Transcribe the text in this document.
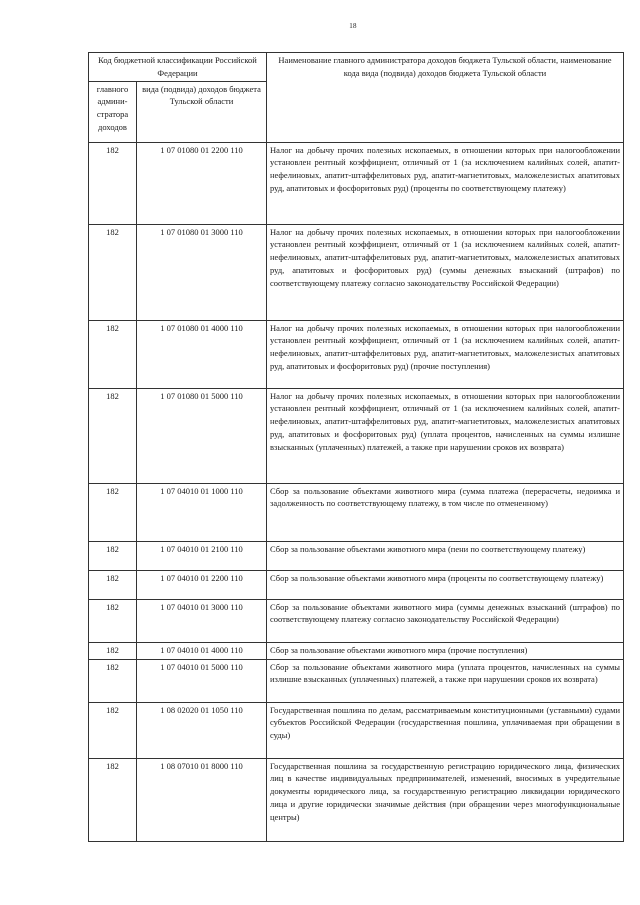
18
Код бюджетной классификации Российской Федерации		Наименование главного администратора доходов бюджета Тульской области, наименование кода вида (подвида) доходов бюджета Тульской области
главного админи-стратора доходов	вида (подвида) доходов бюджета Тульской области	
182	1 07 01080 01 2200 110	Налог на добычу прочих полезных ископаемых, в отношении которых при налогообложении установлен рентный коэффициент, отличный от 1 (за исключением калийных солей, апатит-нефелиновых, апатит-штаффелитовых руд, апатит-магнетитовых, маложелезистых апатитовых руд, апатитовых и фосфоритовых руд) (проценты по соответствующему платежу)
182	1 07 01080 01 3000 110	Налог на добычу прочих полезных ископаемых, в отношении которых при налогообложении установлен рентный коэффициент, отличный от 1 (за исключением калийных солей, апатит-нефелиновых, апатит-штаффелитовых руд, апатит-магнетитовых, маложелезистых апатитовых руд, апатитовых и фосфоритовых руд) (суммы денежных взысканий (штрафов) по соответствующему платежу согласно законодательству Российской Федерации)
182	1 07 01080 01 4000 110	Налог на добычу прочих полезных ископаемых, в отношении которых при налогообложении установлен рентный коэффициент, отличный от 1 (за исключением калийных солей, апатит-нефелиновых, апатит-штаффелитовых руд, апатит-магнетитовых, маложелезистых апатитовых руд, апатитовых и фосфоритовых руд) (прочие поступления)
182	1 07 01080 01 5000 110	Налог на добычу прочих полезных ископаемых, в отношении которых при налогообложении установлен рентный коэффициент, отличный от 1 (за исключением калийных солей, апатит-нефелиновых, апатит-штаффелитовых руд, апатит-магнетитовых, маложелезистых апатитовых руд, апатитовых и фосфоритовых руд) (уплата процентов, начисленных на суммы излишне взысканных (уплаченных) платежей, а также при нарушении сроков их возврата)
182	1 07 04010 01 1000 110	Сбор за пользование объектами животного мира (сумма платежа (перерасчеты, недоимка и задолженность по соответствующему платежу, в том числе по отмененному)
182	1 07 04010 01 2100 110	Сбор за пользование объектами животного мира (пени по соответствующему платежу)
182	1 07 04010 01 2200 110	Сбор за пользование объектами животного мира (проценты по соответствующему платежу)
182	1 07 04010 01 3000 110	Сбор за пользование объектами животного мира (суммы денежных взысканий (штрафов) по соответствующему платежу согласно законодательству Российской Федерации)
182	1 07 04010 01 4000 110	Сбор за пользование объектами животного мира (прочие поступления)
182	1 07 04010 01 5000 110	Сбор за пользование объектами животного мира (уплата процентов, начисленных на суммы излишне взысканных (уплаченных) платежей, а также при нарушении сроков их возврата)
182	1 08 02020 01 1050 110	Государственная пошлина по делам, рассматриваемым конституционными (уставными) судами субъектов Российской Федерации (государственная пошлина, уплачиваемая при обращении в суды)
182	1 08 07010 01 8000 110	Государственная пошлина за государственную регистрацию юридического лица, физических лиц в качестве индивидуальных предпринимателей, изменений, вносимых в учредительные документы юридического лица, за государственную регистрацию ликвидации юридического лица и другие юридически значимые действия (при обращении через многофункциональные центры)
